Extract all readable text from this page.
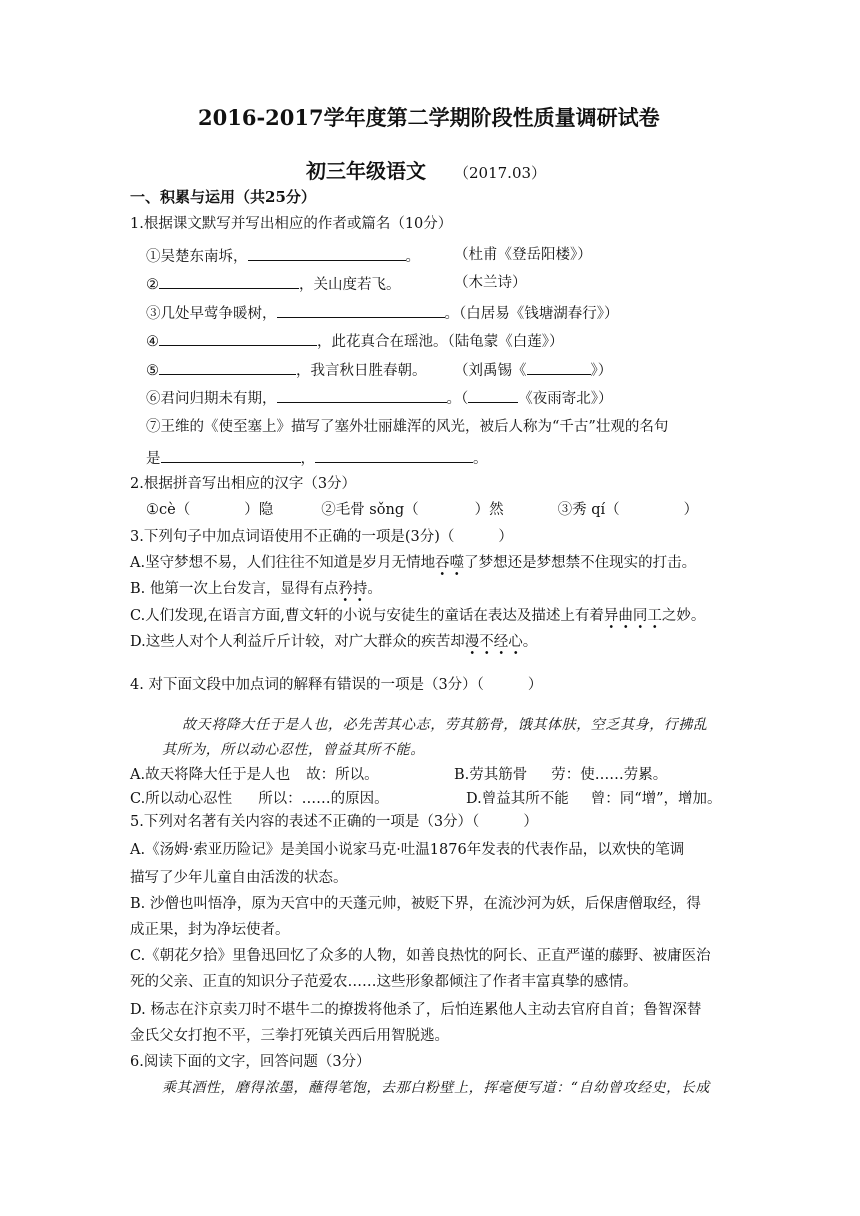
2016-2017学年度第二学期阶段性质量调研试卷
初三年级语文 （2017.03）
一、积累与运用（共25分）
1.根据课文默写并写出相应的作者或篇名（10分）
①吴楚东南坼，	。 （杜甫《登岳阳楼》）
②	，关山度若飞。	（木兰诗）
③几处早莺争暖树，	。（白居易《钱塘湖春行》）
④	，此花真合在瑶池。（陆龟蒙《白莲》）
⑤	，我言秋日胜春朝。 （刘禹锡《	》）
⑥君问归期未有期，	。（	《夜雨寄北》）
⑦王维的《使至塞上》描写了塞外壮丽雄浑的风光，被后人称为“千古”壮观的名句
是	，	。
2.根据拼音写出相应的汉字（3分）
①cè（	）隐	②毛骨 sǒng（	）然	③秀 qí（	）
3.下列句子中加点词语使用不正确的一项是(3分)（	）
A.坚守梦想不易，人们往往不知道是岁月无情地吞噬了梦想还是梦想禁不住现实的打击。
B. 他第一次上台发言，显得有点矜持。
C.人们发现,在语言方面,曹文轩的小说与安徒生的童话在表达及描述上有着异曲同工之妙。
D.这些人对个人利益斤斤计较，对广大群众的疾苦却漫不经心。
4. 对下面文段中加点词的解释有错误的一项是（3分）（	）
故天将降大任于是人也，必先苦其心志，劳其筋骨，饿其体肤，空乏其身，行拂乱
其所为，所以动心忍性，曾益其所不能。
A.故天将降大任于是人也 故：所以。	B.劳其筋骨 劳：使……劳累。
C.所以动心忍性 所以：……的原因。	D.曾益其所不能 曾：同“增”，增加。
5.下列对名著有关内容的表述不正确的一项是（3分）（	）
A.《汤姆·索亚历险记》是美国小说家马克·吐温1876年发表的代表作品，以欢快的笔调
描写了少年儿童自由活泼的状态。
B. 沙僧也叫悟净，原为天宫中的天蓬元帅，被贬下界，在流沙河为妖，后保唐僧取经，得
成正果，封为净坛使者。
C.《朝花夕拾》里鲁迅回忆了众多的人物，如善良热忱的阿长、正直严谨的藤野、被庸医治
死的父亲、正直的知识分子范爱农……这些形象都倾注了作者丰富真挚的感情。
D. 杨志在汴京卖刀时不堪牛二的撩拨将他杀了，后怕连累他人主动去官府自首；鲁智深替
金氏父女打抱不平，三拳打死镇关西后用智脱逃。
6.阅读下面的文字，回答问题（3分）
乘其酒性，磨得浓墨，蘸得笔饱，去那白粉壁上，挥毫便写道：“自幼曾攻经史，长成
